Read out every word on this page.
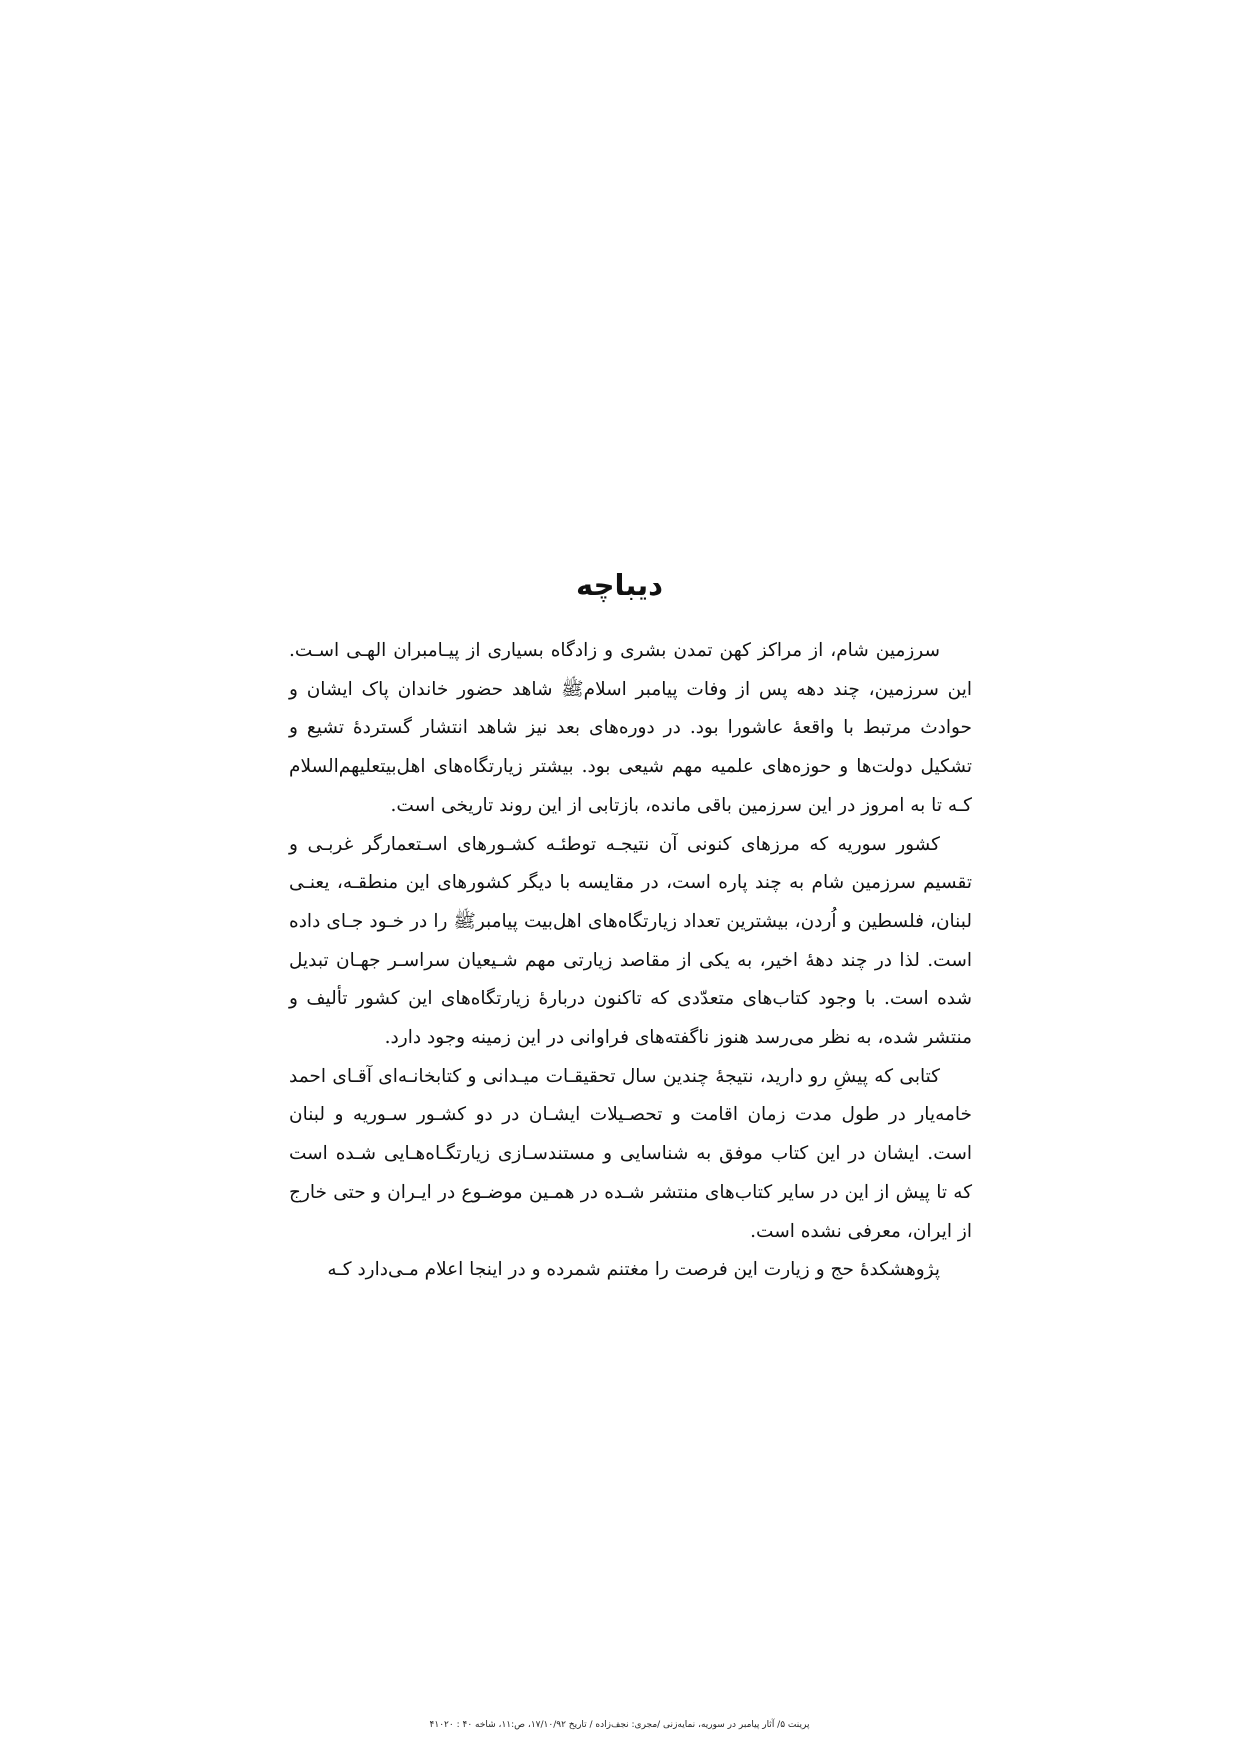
دیباچه

سرزمین شام، از مراکز کهن تمدن بشری و زادگاه بسیاری از پیـامبران الهـی اسـت. این سرزمین، چند دهه پس از وفات پیامبر اسلامﷺ شاهد حضور خاندان پاک ایشان و حوادث مرتبط با واقعهٔ عاشورا بود. در دوره‌های بعد نیز شاهد انتشار گستردهٔ تشیع و تشکیل دولت‌ها و حوزه‌های علمیه مهم شیعی بود. بیشتر زیارتگاه‌های اهل‌بیتعلیهم‌السلام کـه تا به امروز در این سرزمین باقی مانده، بازتابی از این روند تاریخی است.

کشور سوریه که مرزهای کنونی آن نتیجـه توطئـه کشـورهای اسـتعمارگر غربـی و تقسیم سرزمین شام به چند پاره است، در مقایسه با دیگر کشورهای این منطقـه، یعنـی لبنان، فلسطین و اُردن، بیشترین تعداد زیارتگاه‌های اهل‌بیت پیامبرﷺ را در خـود جـای داده است. لذا در چند دههٔ اخیر، به یکی از مقاصد زیارتی مهم شـیعیان سراسـر جهـان تبدیل شده است. با وجود کتاب‌های متعدّدی که تاکنون دربارهٔ زیارتگاه‌های این کشور تألیف و منتشر شده، به نظر می‌رسد هنوز ناگفته‌های فراوانی در این زمینه وجود دارد.

کتابی که پیشِ رو دارید، نتیجهٔ چندین سال تحقیقـات میـدانی و کتابخانـه‌ای آقـای احمد خامه‌یار در طول مدت زمان اقامت و تحصـیلات ایشـان در دو کشـور سـوریه و لبنان است. ایشان در این کتاب موفق به شناسایی و مستندسـازی زیارتگـاه‌هـایی شـده است که تا پیش از این در سایر کتاب‌های منتشر شـده در همـین موضـوع در ایـران و حتی خارج از ایران، معرفی نشده است.

پژوهشکدهٔ حج و زیارت این فرصت را مغتنم شمرده و در اینجا اعلام مـی‌دارد کـه

پرینت ۵/ آثار پیامبر در سوریه، نمایه‌زنی /مجری: نجف‌زاده / تاریخ ۱۷/۱۰/۹۲، ص:۱۱، شاخه ۴۰ : ۴۱۰۲۰
